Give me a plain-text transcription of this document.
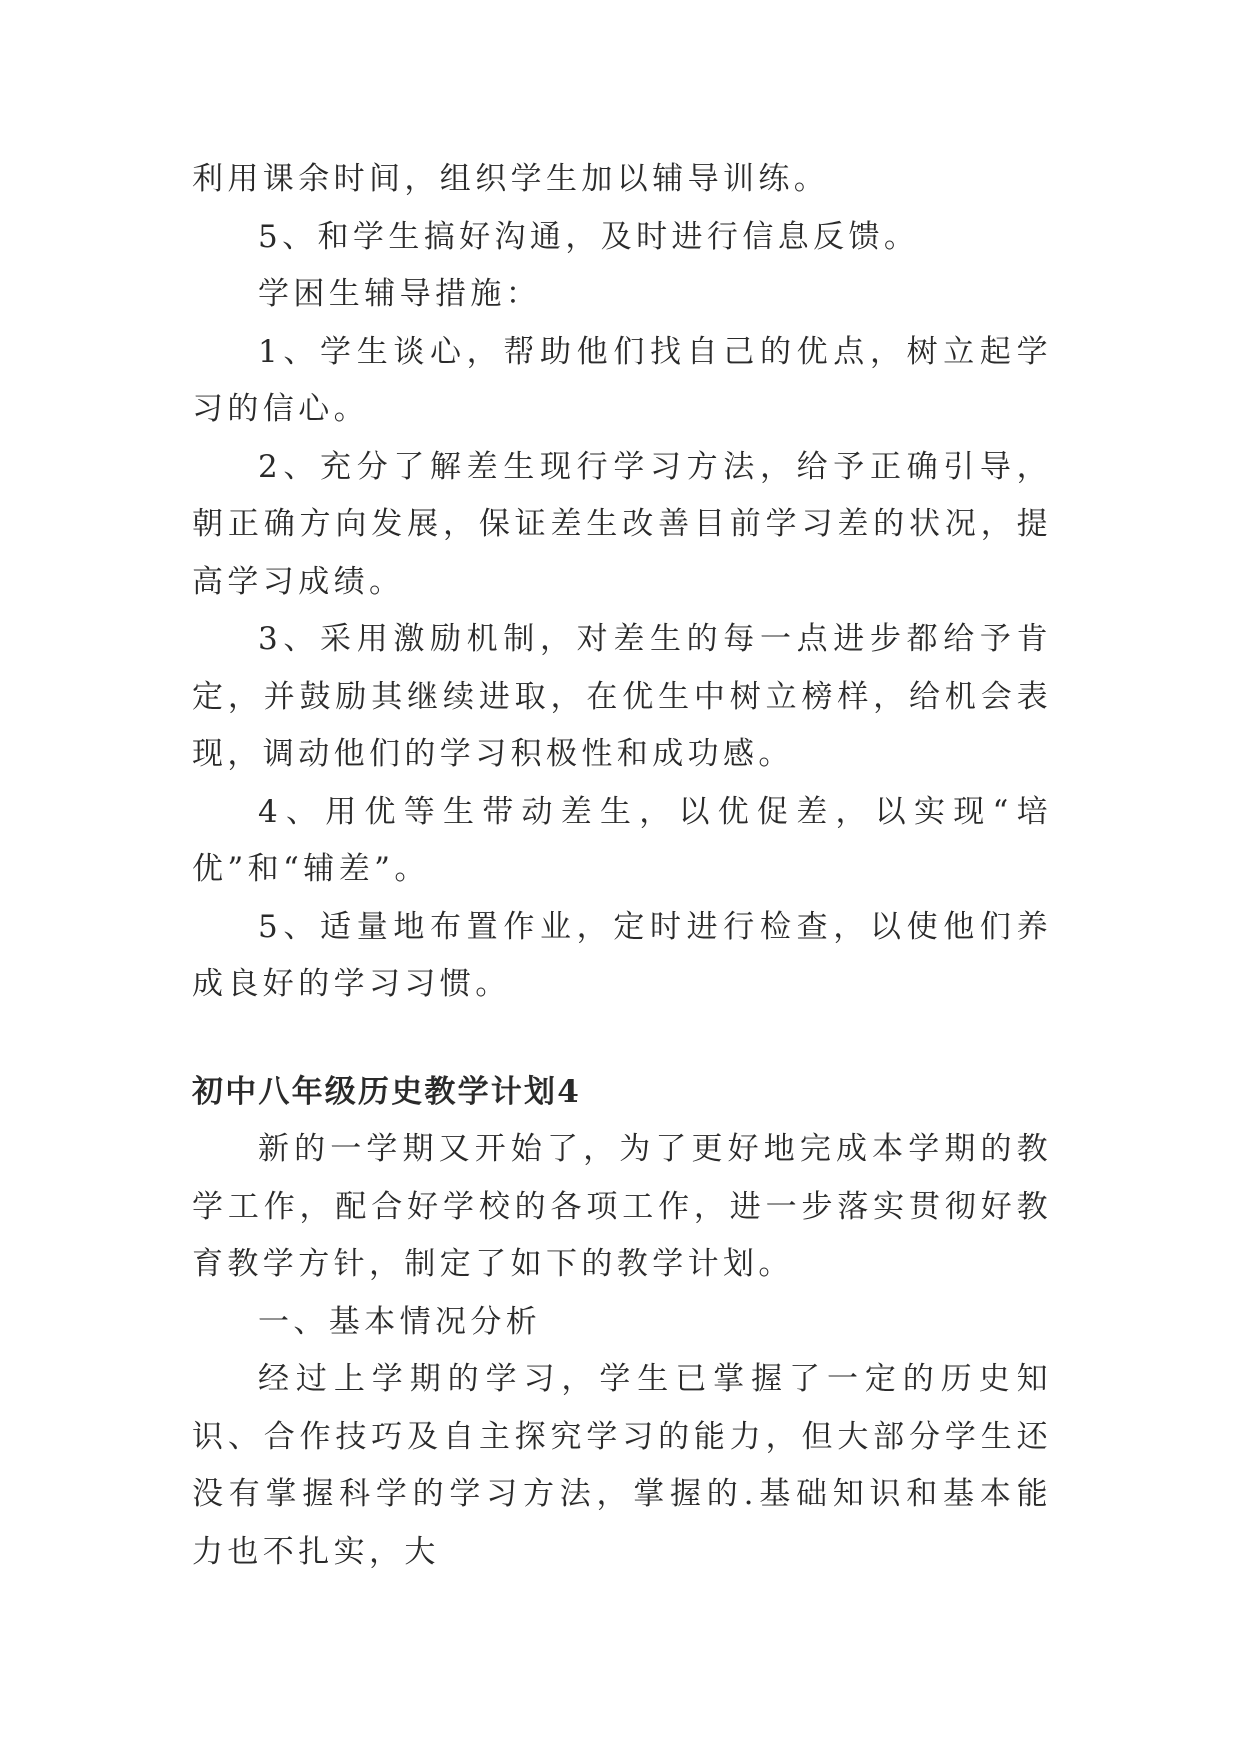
利用课余时间，组织学生加以辅导训练。

5、和学生搞好沟通，及时进行信息反馈。

学困生辅导措施：

1、学生谈心，帮助他们找自己的优点，树立起学习的信心。

2、充分了解差生现行学习方法，给予正确引导，朝正确方向发展，保证差生改善目前学习差的状况，提高学习成绩。

3、采用激励机制，对差生的每一点进步都给予肯定，并鼓励其继续进取，在优生中树立榜样，给机会表现，调动他们的学习积极性和成功感。

4、用优等生带动差生，以优促差，以实现“培优”和“辅差”。

5、适量地布置作业，定时进行检查，以使他们养成良好的学习习惯。

初中八年级历史教学计划4

新的一学期又开始了，为了更好地完成本学期的教学工作，配合好学校的各项工作，进一步落实贯彻好教育教学方针，制定了如下的教学计划。

一、基本情况分析

经过上学期的学习，学生已掌握了一定的历史知识、合作技巧及自主探究学习的能力，但大部分学生还没有掌握科学的学习方法，掌握的.基础知识和基本能力也不扎实，大
